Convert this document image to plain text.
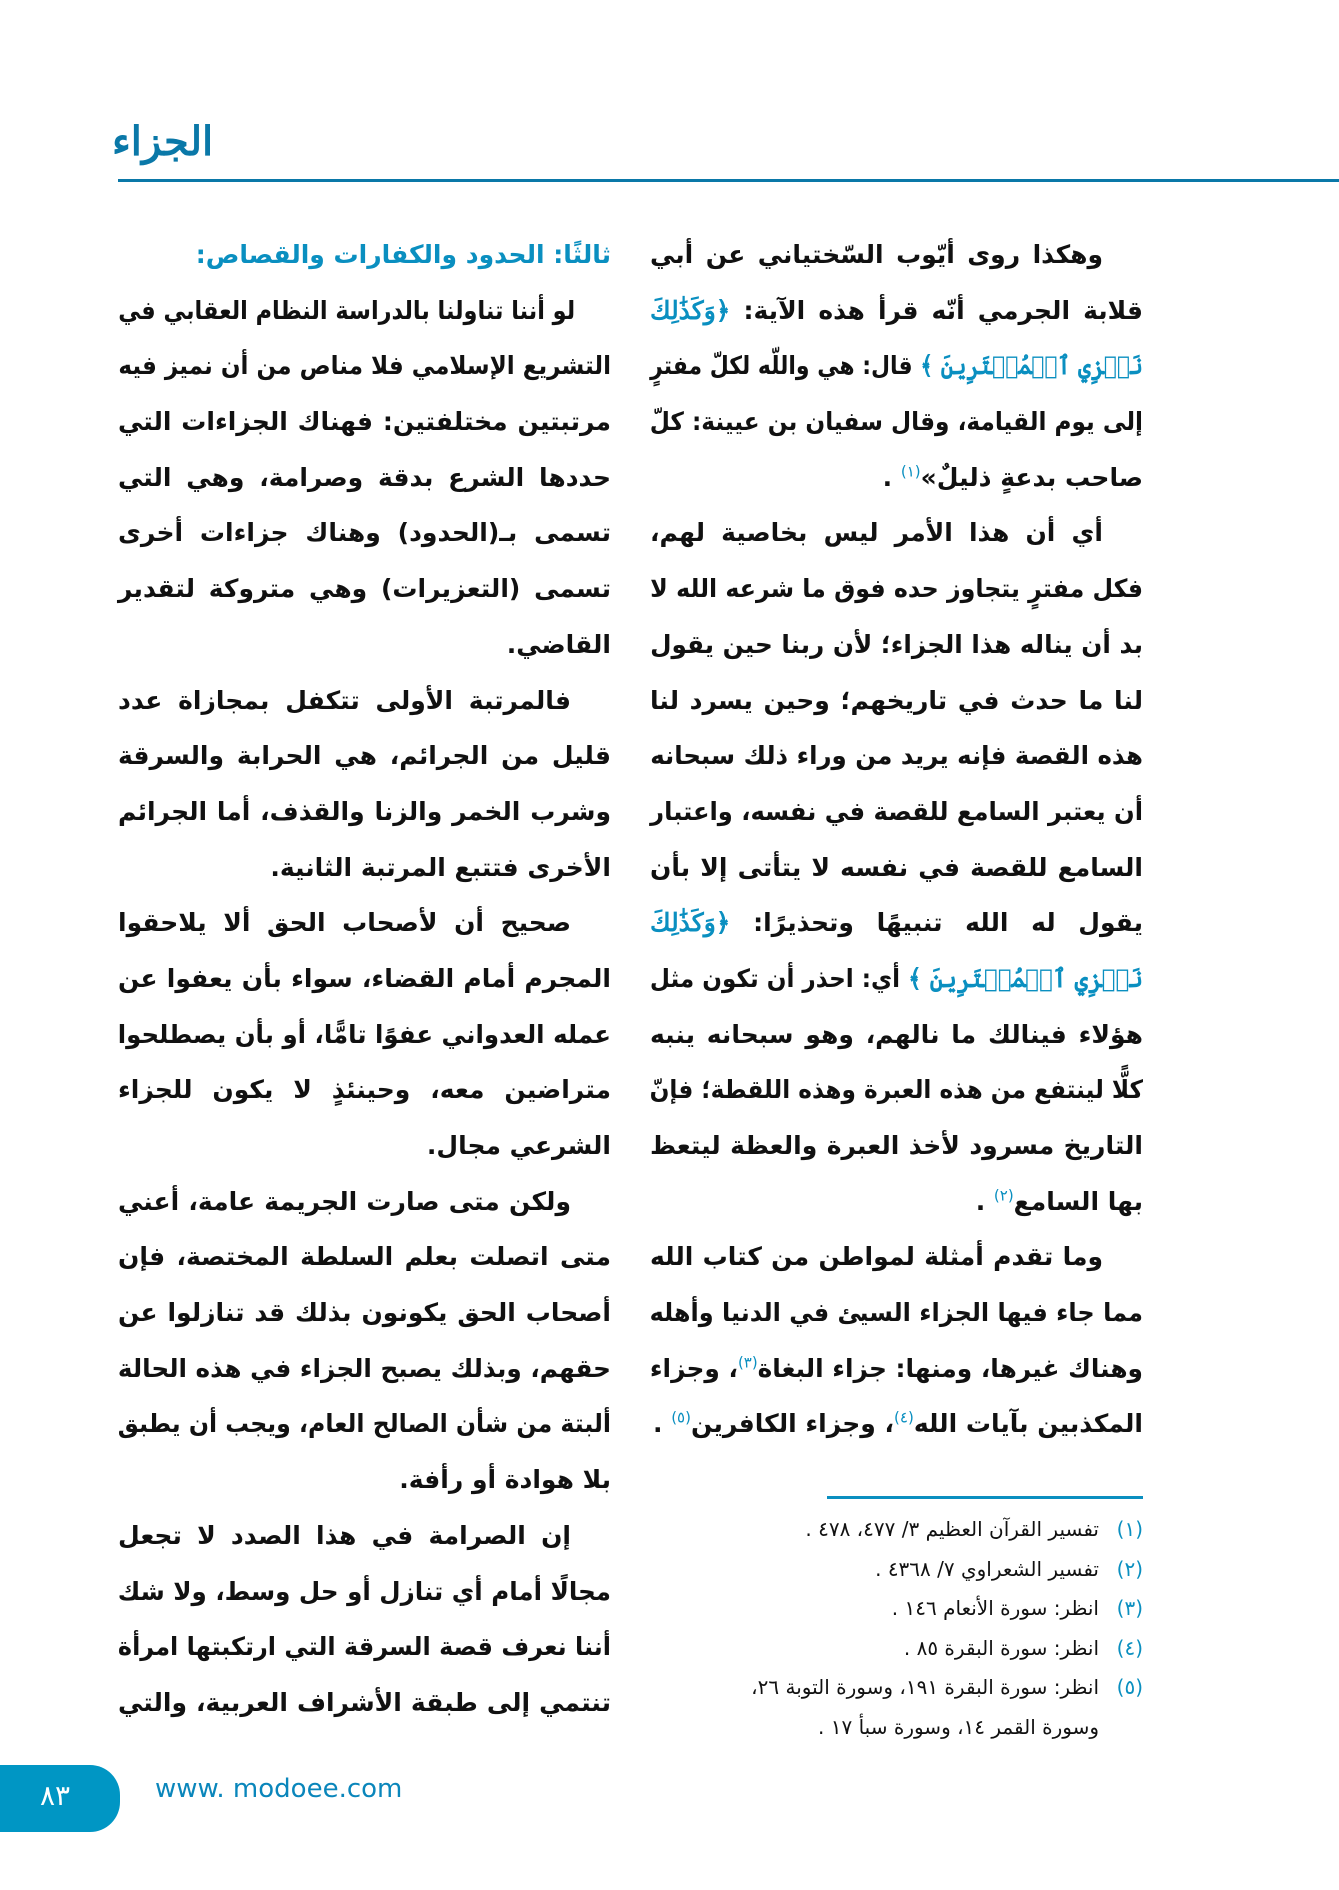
الجزاء
وهكذا روى أيّوب السّختياني عن أبي
قلابة الجرمي أنّه قرأ هذه الآية: ﴿وَكَذَٰلِكَ
نَجۡزِي ٱلۡمُفۡتَرِينَ ﴾ قال: هي واللّه لكلّ مفترٍ
إلى يوم القيامة، وقال سفيان بن عيينة: كلّ
صاحب بدعةٍ ذليلٌ»$^{(١)}$ .
أي أن هذا الأمر ليس بخاصية لهم،
فكل مفترٍ يتجاوز حده فوق ما شرعه الله لا
بد أن يناله هذا الجزاء؛ لأن ربنا حين يقول
لنا ما حدث في تاريخهم؛ وحين يسرد لنا
هذه القصة فإنه يريد من وراء ذلك سبحانه
أن يعتبر السامع للقصة في نفسه، واعتبار
السامع للقصة في نفسه لا يتأتى إلا بأن
يقول له الله تنبيهًا وتحذيرًا: ﴿وَكَذَٰلِكَ
نَجۡزِي ٱلۡمُفۡتَرِينَ ﴾ أي: احذر أن تكون مثل
هؤلاء فينالك ما نالهم، وهو سبحانه ينبه
كلًّا لينتفع من هذه العبرة وهذه اللقطة؛ فإنّ
التاريخ مسرود لأخذ العبرة والعظة ليتعظ
بها السامع$^{(٢)}$ .
وما تقدم أمثلة لمواطن من كتاب الله
مما جاء فيها الجزاء السيئ في الدنيا وأهله
وهناك غيرها، ومنها: جزاء البغاة$^{(٣)}$، وجزاء
المكذبين بآيات الله$^{(٤)}$، وجزاء الكافرين$^{(٥)}$ .
ثالثًا: الحدود والكفارات والقصاص:
لو أننا تناولنا بالدراسة النظام العقابي في
التشريع الإسلامي فلا مناص من أن نميز فيه
مرتبتين مختلفتين: فهناك الجزاءات التي
حددها الشرع بدقة وصرامة، وهي التي
تسمى بـ(الحدود) وهناك جزاءات أخرى
تسمى (التعزيرات) وهي متروكة لتقدير
القاضي.
فالمرتبة الأولى تتكفل بمجازاة عدد
قليل من الجرائم، هي الحرابة والسرقة
وشرب الخمر والزنا والقذف، أما الجرائم
الأخرى فتتبع المرتبة الثانية.
صحيح أن لأصحاب الحق ألا يلاحقوا
المجرم أمام القضاء، سواء بأن يعفوا عن
عمله العدواني عفوًا تامًّا، أو بأن يصطلحوا
متراضين معه، وحينئذٍ لا يكون للجزاء
الشرعي مجال.
ولكن متى صارت الجريمة عامة، أعني
متى اتصلت بعلم السلطة المختصة، فإن
أصحاب الحق يكونون بذلك قد تنازلوا عن
حقهم، وبذلك يصبح الجزاء في هذه الحالة
ألبتة من شأن الصالح العام، ويجب أن يطبق
بلا هوادة أو رأفة.
إن الصرامة في هذا الصدد لا تجعل
مجالًا أمام أي تنازل أو حل وسط، ولا شك
أننا نعرف قصة السرقة التي ارتكبتها امرأة
تنتمي إلى طبقة الأشراف العربية، والتي
(١)تفسير القرآن العظيم ٣/ ٤٧٧، ٤٧٨ .
(٢)تفسير الشعراوي ٧/ ٤٣٦٨ .
(٣)انظر: سورة الأنعام ١٤٦ .
(٤)انظر: سورة البقرة ٨٥ .
(٥)انظر: سورة البقرة ١٩١، وسورة التوبة ٢٦،
وسورة القمر ١٤، وسورة سبأ ١٧ .
٨٣	www. modoee.com
